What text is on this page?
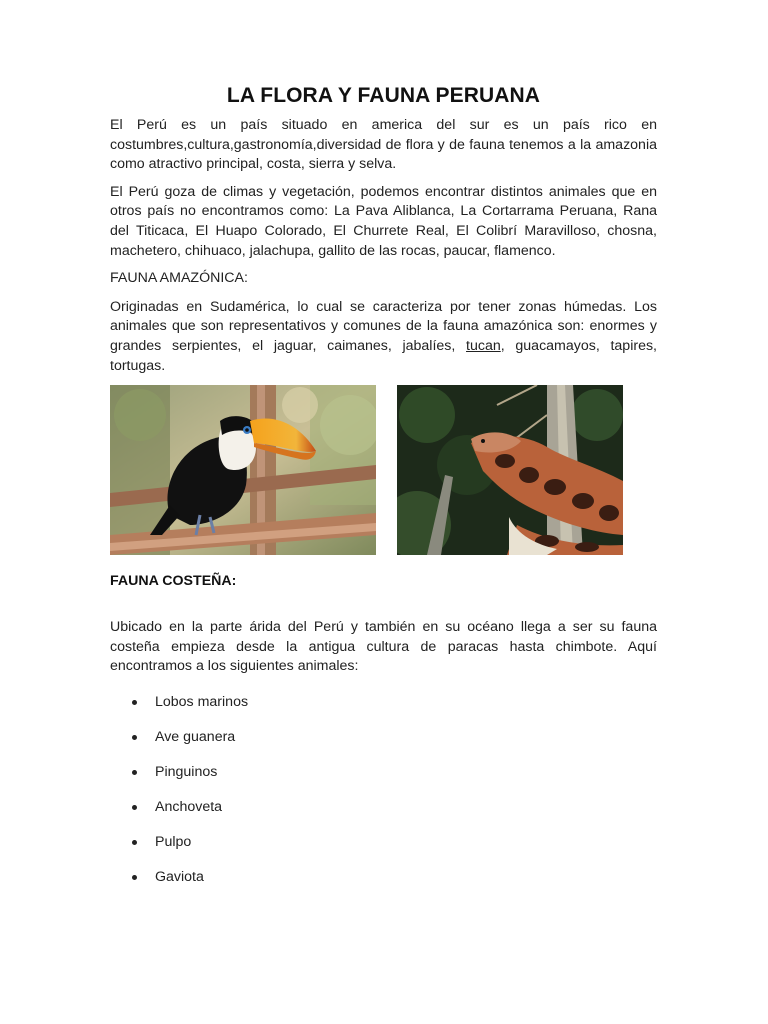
LA FLORA Y FAUNA PERUANA

El Perú es un país situado en america del sur es un país rico en costumbres,cultura,gastronomía,diversidad de flora y de fauna tenemos a la amazonia como atractivo principal, costa, sierra y selva.

El Perú goza de climas y vegetación, podemos encontrar distintos animales que en otros país no encontramos como: La Pava Aliblanca, La Cortarrama Peruana, Rana del Titicaca, El Huapo Colorado, El Churrete Real, El Colibrí Maravilloso, chosna, machetero, chihuaco, jalachupa, gallito de las rocas, paucar, flamenco.

FAUNA AMAZÓNICA:

Originadas en Sudamérica, lo cual se caracteriza por tener zonas húmedas. Los animales que son representativos y comunes de la fauna amazónica son: enormes y grandes serpientes, el jaguar, caimanes, jabalíes, tucan, guacamayos, tapires, tortugas.

FAUNA COSTEÑA:

Ubicado en la parte árida del Perú y también en su océano llega a ser su fauna costeña empieza desde la antigua cultura de paracas hasta chimbote. Aquí encontramos a los siguientes animales:

Lobos marinos
Ave guanera
Pinguinos
Anchoveta
Pulpo
Gaviota
